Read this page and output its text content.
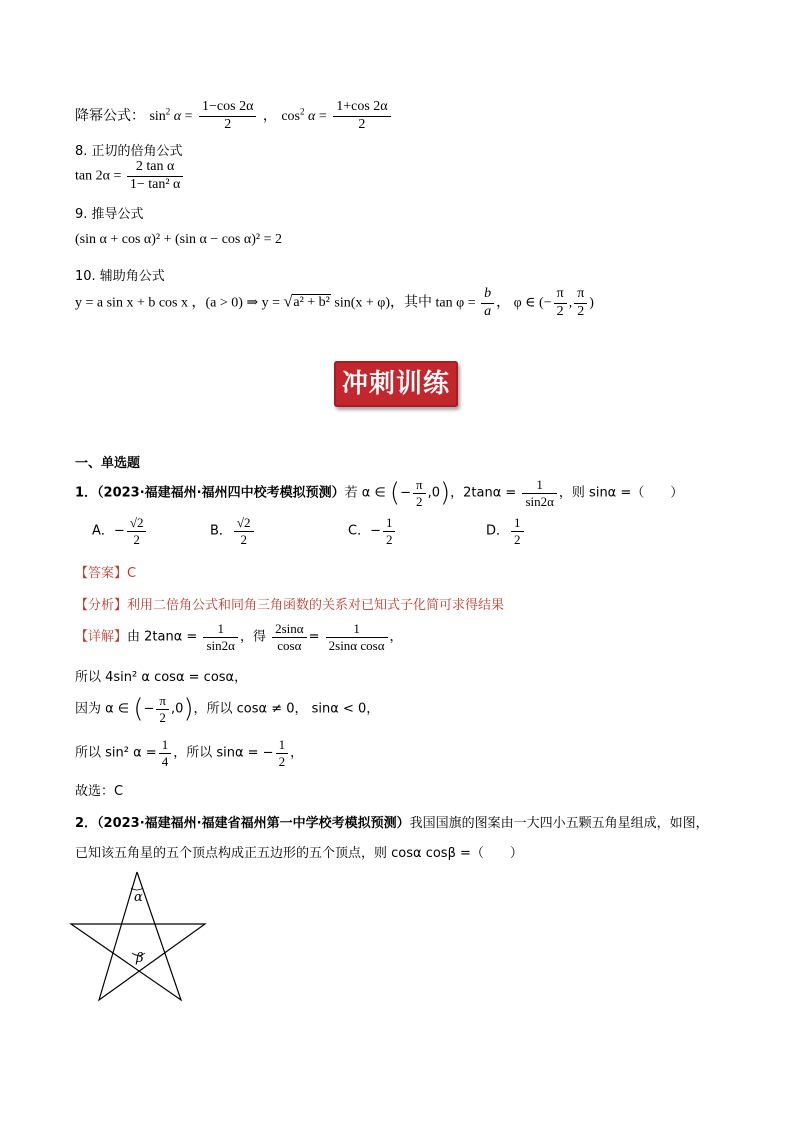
降幂公式： $\sin^2 \alpha = \frac{1-\cos 2\alpha}{2}$ ， $\cos^2 \alpha = \frac{1+\cos 2\alpha}{2}$
8. 正切的倍角公式
$\tan 2\alpha = \frac{\text{2 tan α}}{\text{1− tan² α}}$
9. 推导公式
(sin α + cos α)² + (sin α − cos α)² = 2
10. 辅助角公式
y = a sin x + b cos x ，(a > 0) ⇒ y = √a² + b² sin(x + φ)，其中 $\tan \varphi = \frac{b}{a}$ ， φ ∈ (− $\frac{\pi}{2}$ , $\frac{\pi}{2}$ )
冲刺训练
一、单选题
1．（2023·福建福州·福州四中校考模拟预测）若 α ∈ (− $\frac{\pi}{2} ,0$)，$2\tan\alpha = \frac{1}{\sin 2\alpha}$ ，则 sinα =（　　）
A．− $\frac{√2}{2}$	B． $\frac{√2}{2}$	C．− $\frac{1}{2}$	D． $\frac{1}{2}$
【答案】C
【分析】利用二倍角公式和同角三角函数的关系对已知式子化简可求得结果
【详解】由 $2\tan\alpha = \frac{1}{\sin 2\alpha}$ ，得 $\frac{2\sin\alpha}{\cos\alpha} = \frac{1}{\text{2sinα cosα}}$ ，
所以 4sin² α cosα = cosα，
因为 α ∈ (− $\frac{\pi}{2} ,0$)，所以 cosα ≠ 0， sinα < 0，
所以 sin² $\alpha = \frac{1}{4}$ ，所以 sinα = − $\frac{1}{2}$ ，
故选：C
2．（2023·福建福州·福建省福州第一中学校考模拟预测）我国国旗的图案由一大四小五颗五角星组成，如图，
已知该五角星的五个顶点构成正五边形的五个顶点，则 cosα cosβ =（　　）
α
β
